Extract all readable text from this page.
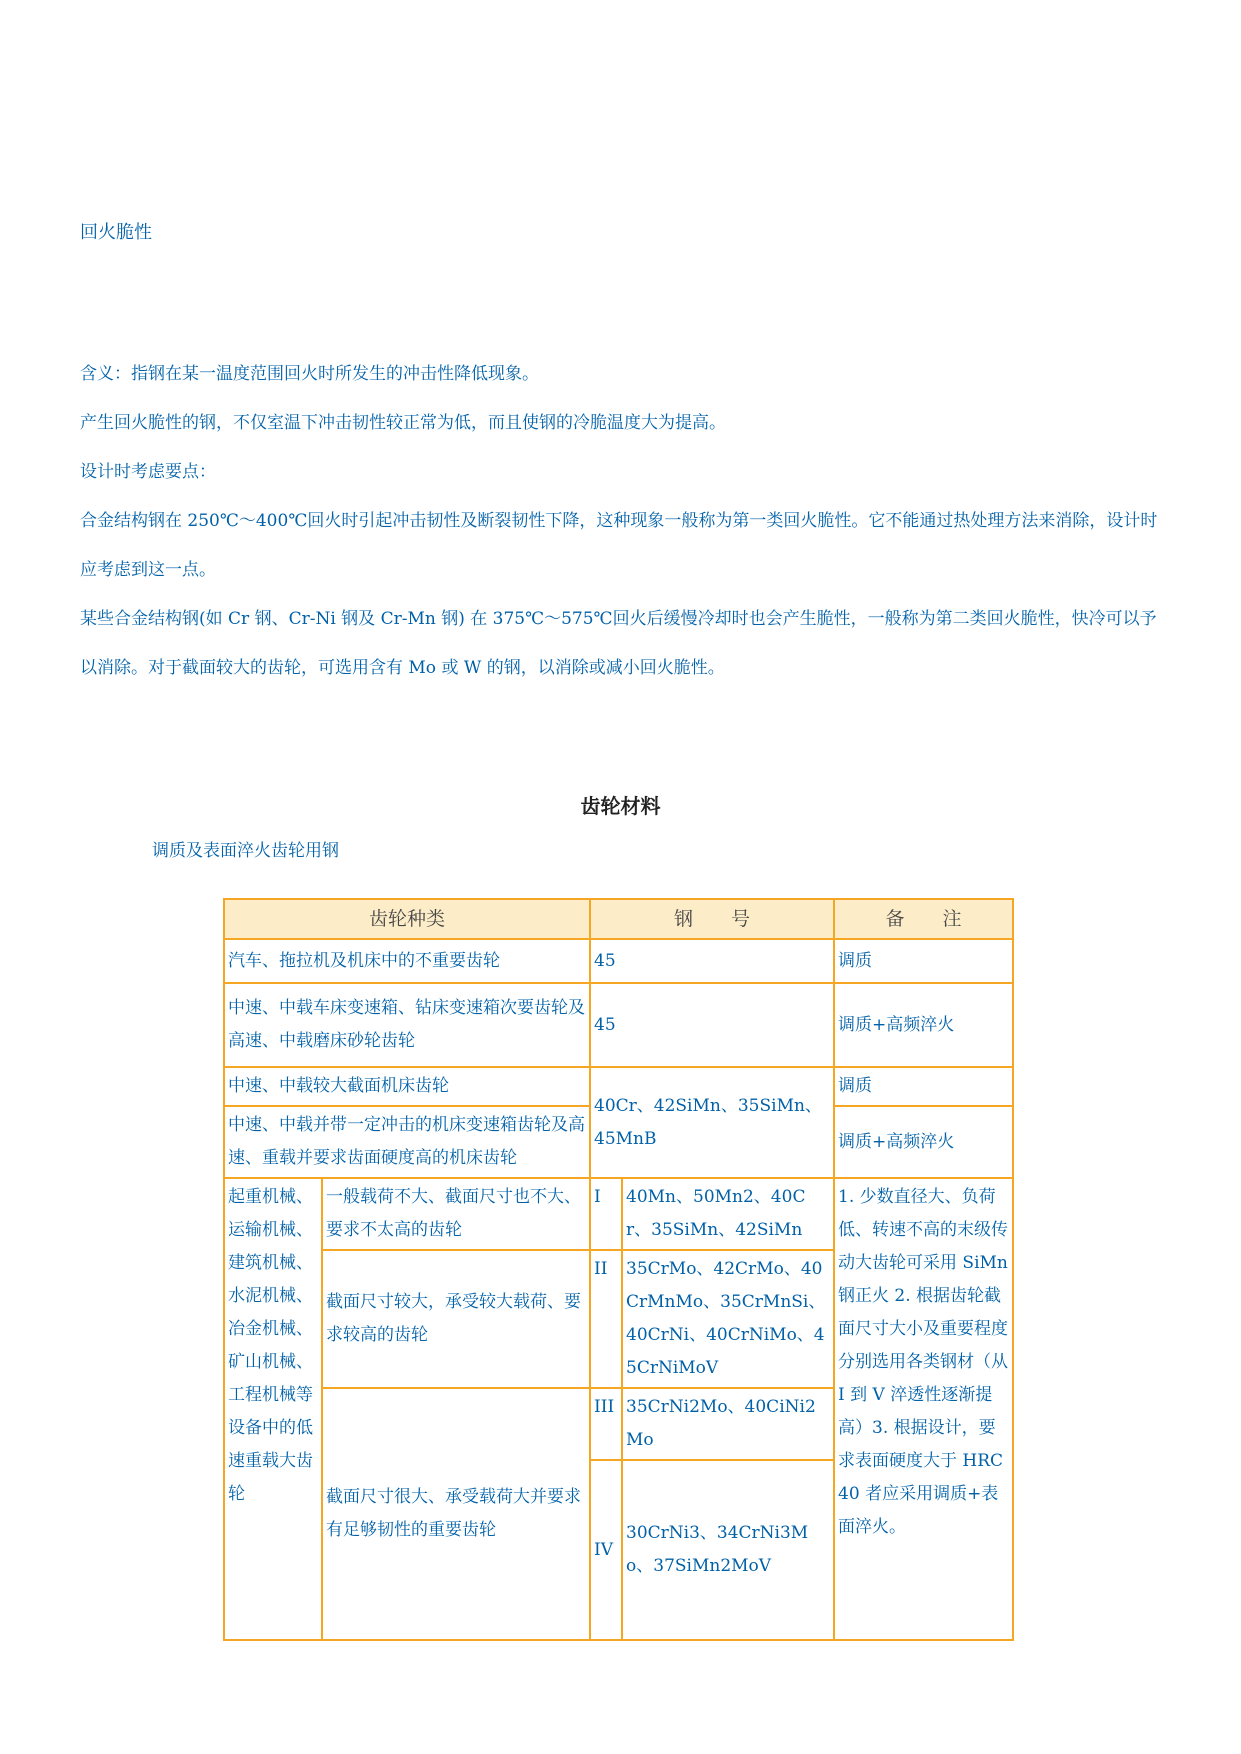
回火脆性

含义：指钢在某一温度范围回火时所发生的冲击性降低现象。

产生回火脆性的钢，不仅室温下冲击韧性较正常为低，而且使钢的冷脆温度大为提高。

设计时考虑要点：

合金结构钢在 250℃～400℃回火时引起冲击韧性及断裂韧性下降，这种现象一般称为第一类回火脆性。它不能通过热处理方法来消除，设计时应考虑到这一点。

某些合金结构钢(如 Cr 钢、Cr-Ni 钢及 Cr-Mn 钢) 在 375℃～575℃回火后缓慢冷却时也会产生脆性，一般称为第二类回火脆性，快冷可以予以消除。对于截面较大的齿轮，可选用含有 Mo 或 W 的钢，以消除或减小回火脆性。

齿轮材料
调质及表面淬火齿轮用钢
齿轮种类		钢　　号		备　　注
汽车、拖拉机及机床中的不重要齿轮		45		调质
中速、中载车床变速箱、钻床变速箱次要齿轮及高速、中载磨床砂轮齿轮		45		调质+高频淬火
中速、中载较大截面机床齿轮		40Cr、42SiMn、35SiMn、45MnB		调质
中速、中载并带一定冲击的机床变速箱齿轮及高速、重载并要求齿面硬度高的机床齿轮				调质+高频淬火
起重机械、运输机械、建筑机械、水泥机械、冶金机械、矿山机械、工程机械等设备中的低速重载大齿轮	一般载荷不大、截面尺寸也不大、要求不太高的齿轮	I	40Mn、50Mn2、40Cr、35SiMn、42SiMn	1. 少数直径大、负荷低、转速不高的末级传动大齿轮可采用 SiMn 钢正火 2. 根据齿轮截面尺寸大小及重要程度分别选用各类钢材（从 I 到 V 淬透性逐渐提高）3. 根据设计，要求表面硬度大于 HRC40 者应采用调质+表面淬火。
	截面尺寸较大，承受较大载荷、要求较高的齿轮	II	35CrMo、42CrMo、40CrMnMo、35CrMnSi、40CrNi、40CrNiMo、45CrNiMoV	
	截面尺寸很大、承受载荷大并要求有足够韧性的重要齿轮	III	35CrNi2Mo、40CiNi2Mo	
		IV	30CrNi3、34CrNi3Mo、37SiMn2MoV	
